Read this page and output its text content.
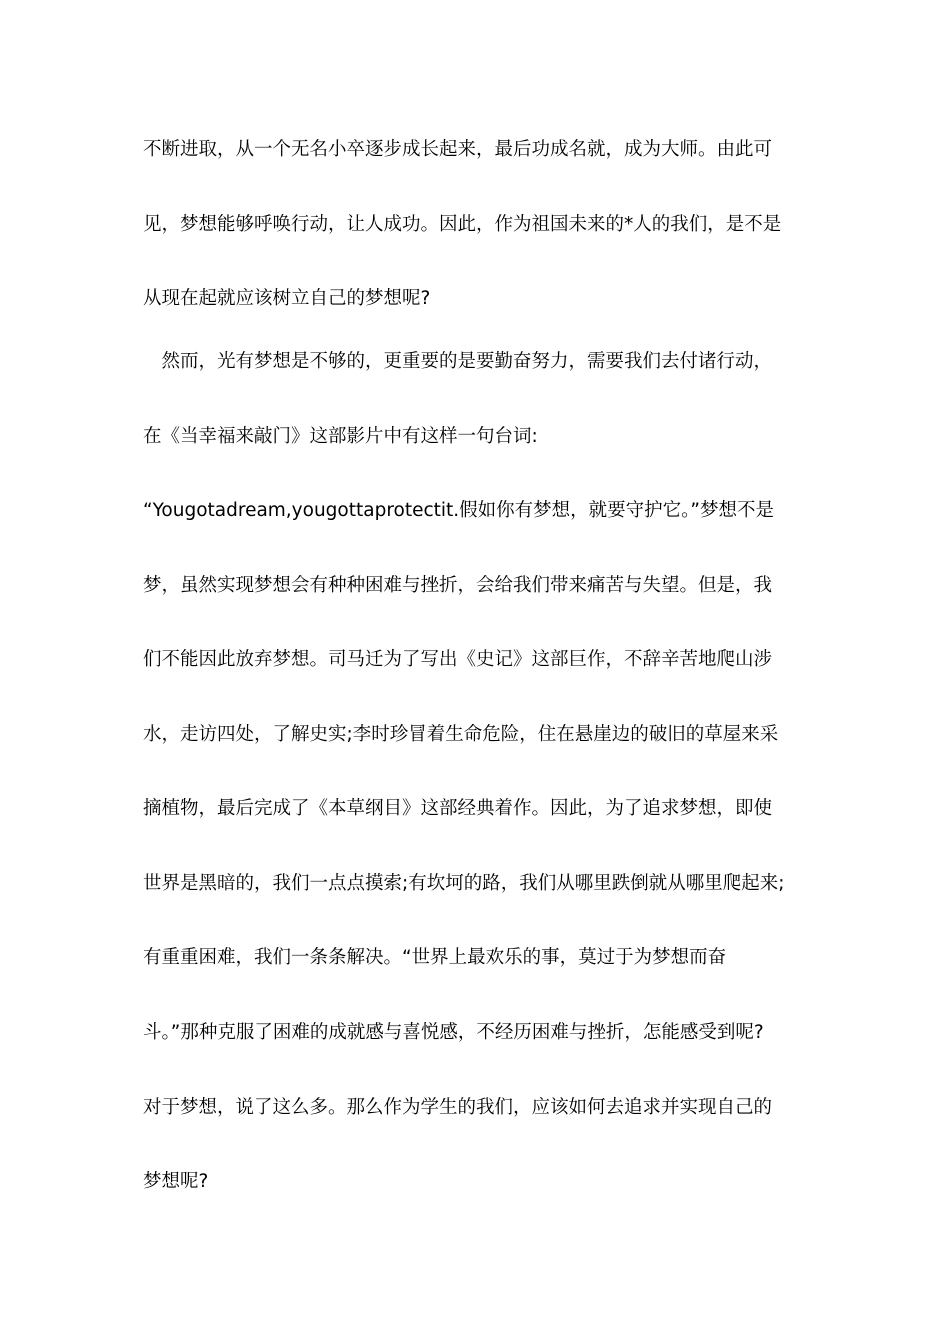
不断进取，从一个无名小卒逐步成长起来，最后功成名就，成为大师。由此可
见，梦想能够呼唤行动，让人成功。因此，作为祖国未来的*人的我们，是不是
从现在起就应该树立自己的梦想呢?
　然而，光有梦想是不够的，更重要的是要勤奋努力，需要我们去付诸行动，
在《当幸福来敲门》这部影片中有这样一句台词:
“Yougotadream,yougottaprotectit.假如你有梦想，就要守护它。”梦想不是
梦，虽然实现梦想会有种种困难与挫折，会给我们带来痛苦与失望。但是，我
们不能因此放弃梦想。司马迁为了写出《史记》这部巨作，不辞辛苦地爬山涉
水，走访四处，了解史实;李时珍冒着生命危险，住在悬崖边的破旧的草屋来采
摘植物，最后完成了《本草纲目》这部经典着作。因此，为了追求梦想，即使
世界是黑暗的，我们一点点摸索;有坎坷的路，我们从哪里跌倒就从哪里爬起来;
有重重困难，我们一条条解决。“世界上最欢乐的事，莫过于为梦想而奋
斗。”那种克服了困难的成就感与喜悦感，不经历困难与挫折，怎能感受到呢?
对于梦想，说了这么多。那么作为学生的我们，应该如何去追求并实现自己的
梦想呢?
